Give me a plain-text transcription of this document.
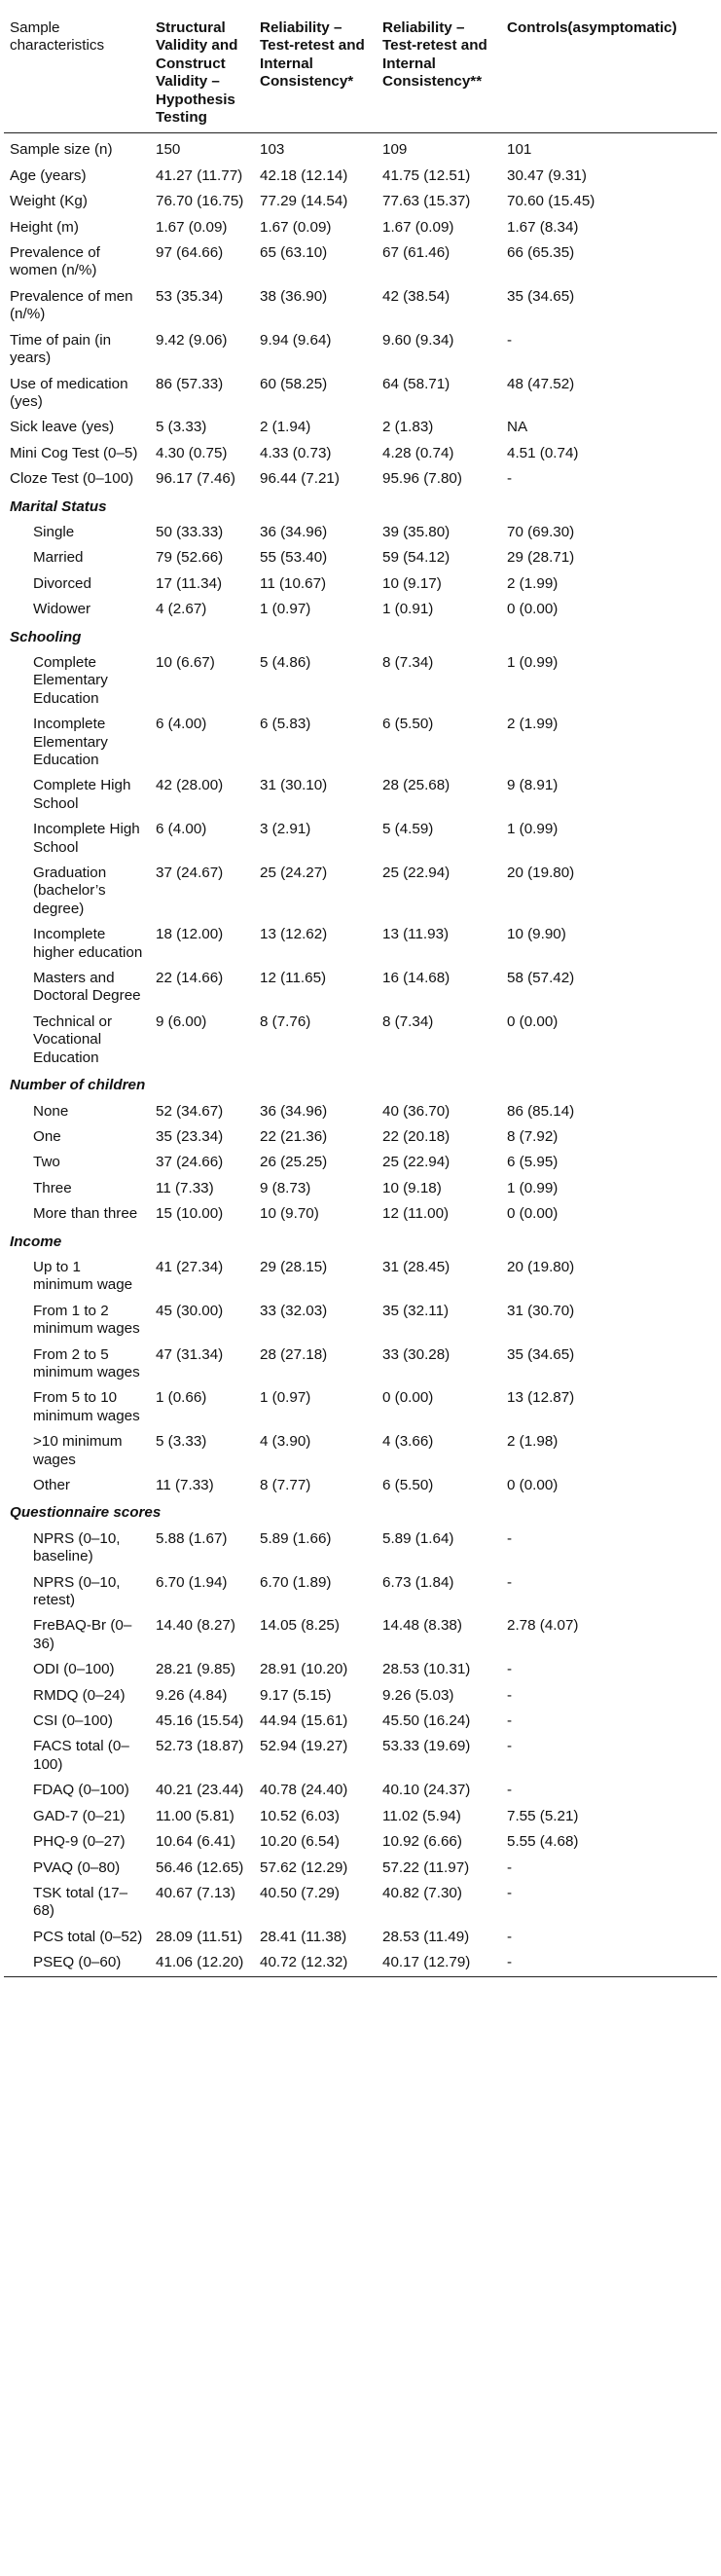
Sample characteristics	Structural Validity and Construct Validity – Hypothesis Testing	Reliability – Test-retest and Internal Consistency*	Reliability – Test-retest and Internal Consistency**	Controls(asymptomatic)
Sample size (n)	150	103	109	101
Age (years)	41.27 (11.77)	42.18 (12.14)	41.75 (12.51)	30.47 (9.31)
Weight (Kg)	76.70 (16.75)	77.29 (14.54)	77.63 (15.37)	70.60 (15.45)
Height (m)	1.67 (0.09)	1.67 (0.09)	1.67 (0.09)	1.67 (8.34)
Prevalence of women (n/%)	97 (64.66)	65 (63.10)	67 (61.46)	66 (65.35)
Prevalence of men (n/%)	53 (35.34)	38 (36.90)	42 (38.54)	35 (34.65)
Time of pain (in years)	9.42 (9.06)	9.94 (9.64)	9.60 (9.34)	-
Use of medication (yes)	86 (57.33)	60 (58.25)	64 (58.71)	48 (47.52)
Sick leave (yes)	5 (3.33)	2 (1.94)	2 (1.83)	NA
Mini Cog Test (0–5)	4.30 (0.75)	4.33 (0.73)	4.28 (0.74)	4.51 (0.74)
Cloze Test (0–100)	96.17 (7.46)	96.44 (7.21)	95.96 (7.80)	-
Marital Status				
Single	50 (33.33)	36 (34.96)	39 (35.80)	70 (69.30)
Married	79 (52.66)	55 (53.40)	59 (54.12)	29 (28.71)
Divorced	17 (11.34)	11 (10.67)	10 (9.17)	2 (1.99)
Widower	4 (2.67)	1 (0.97)	1 (0.91)	0 (0.00)
Schooling				
Complete Elementary Education	10 (6.67)	5 (4.86)	8 (7.34)	1 (0.99)
Incomplete Elementary Education	6 (4.00)	6 (5.83)	6 (5.50)	2 (1.99)
Complete High School	42 (28.00)	31 (30.10)	28 (25.68)	9 (8.91)
Incomplete High School	6 (4.00)	3 (2.91)	5 (4.59)	1 (0.99)
Graduation (bachelor’s degree)	37 (24.67)	25 (24.27)	25 (22.94)	20 (19.80)
Incomplete higher education	18 (12.00)	13 (12.62)	13 (11.93)	10 (9.90)
Masters and Doctoral Degree	22 (14.66)	12 (11.65)	16 (14.68)	58 (57.42)
Technical or Vocational Education	9 (6.00)	8 (7.76)	8 (7.34)	0 (0.00)
Number of children				
None	52 (34.67)	36 (34.96)	40 (36.70)	86 (85.14)
One	35 (23.34)	22 (21.36)	22 (20.18)	8 (7.92)
Two	37 (24.66)	26 (25.25)	25 (22.94)	6 (5.95)
Three	11 (7.33)	9 (8.73)	10 (9.18)	1 (0.99)
More than three	15 (10.00)	10 (9.70)	12 (11.00)	0 (0.00)
Income				
Up to 1 minimum wage	41 (27.34)	29 (28.15)	31 (28.45)	20 (19.80)
From 1 to 2 minimum wages	45 (30.00)	33 (32.03)	35 (32.11)	31 (30.70)
From 2 to 5 minimum wages	47 (31.34)	28 (27.18)	33 (30.28)	35 (34.65)
From 5 to 10 minimum wages	1 (0.66)	1 (0.97)	0 (0.00)	13 (12.87)
>10 minimum wages	5 (3.33)	4 (3.90)	4 (3.66)	2 (1.98)
Other	11 (7.33)	8 (7.77)	6 (5.50)	0 (0.00)
Questionnaire scores				
NPRS (0–10, baseline)	5.88 (1.67)	5.89 (1.66)	5.89 (1.64)	-
NPRS (0–10, retest)	6.70 (1.94)	6.70 (1.89)	6.73 (1.84)	-
FreBAQ-Br (0–36)	14.40 (8.27)	14.05 (8.25)	14.48 (8.38)	2.78 (4.07)
ODI (0–100)	28.21 (9.85)	28.91 (10.20)	28.53 (10.31)	-
RMDQ (0–24)	9.26 (4.84)	9.17 (5.15)	9.26 (5.03)	-
CSI (0–100)	45.16 (15.54)	44.94 (15.61)	45.50 (16.24)	-
FACS total (0–100)	52.73 (18.87)	52.94 (19.27)	53.33 (19.69)	-
FDAQ (0–100)	40.21 (23.44)	40.78 (24.40)	40.10 (24.37)	-
GAD-7 (0–21)	11.00 (5.81)	10.52 (6.03)	11.02 (5.94)	7.55 (5.21)
PHQ-9 (0–27)	10.64 (6.41)	10.20 (6.54)	10.92 (6.66)	5.55 (4.68)
PVAQ (0–80)	56.46 (12.65)	57.62 (12.29)	57.22 (11.97)	-
TSK total (17–68)	40.67 (7.13)	40.50 (7.29)	40.82 (7.30)	-
PCS total (0–52)	28.09 (11.51)	28.41 (11.38)	28.53 (11.49)	-
PSEQ (0–60)	41.06 (12.20)	40.72 (12.32)	40.17 (12.79)	-
